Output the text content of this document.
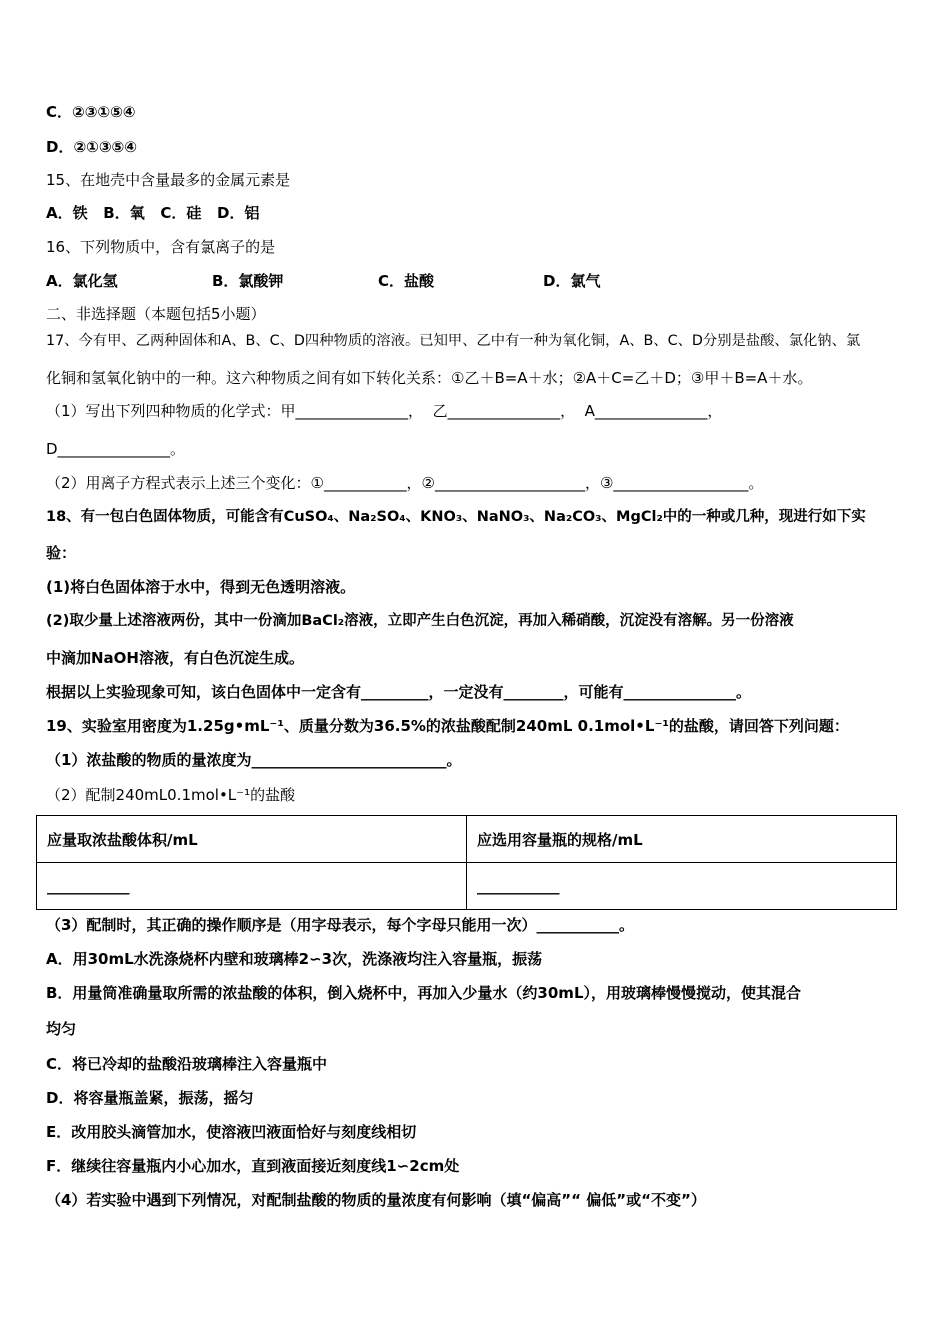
C．②③①⑤④
D．②①③⑤④
15、在地壳中含量最多的金属元素是
A．铁   B．氧   C．硅   D．铝
16、下列物质中，含有氯离子的是
A．氯化氢	B．氯酸钾	C．盐酸	D．氯气
二、非选择题（本题包括5小题）
17、今有甲、乙两种固体和A、B、C、D四种物质的溶液。已知甲、乙中有一种为氧化铜，A、B、C、D分别是盐酸、氯化钠、氯
化铜和氢氧化钠中的一种。这六种物质之间有如下转化关系：①乙＋B=A＋水；②A＋C=乙＋D；③甲＋B=A＋水。
（1）写出下列四种物质的化学式：甲_______________，  乙_______________，  A_______________，
D_______________。
（2）用离子方程式表示上述三个变化：①___________，②____________________，③__________________。
18、有一包白色固体物质，可能含有CuSO₄、Na₂SO₄、KNO₃、NaNO₃、Na₂CO₃、MgCl₂中的一种或几种，现进行如下实
验：
(1)将白色固体溶于水中，得到无色透明溶液。
(2)取少量上述溶液两份，其中一份滴加BaCl₂溶液，立即产生白色沉淀，再加入稀硝酸，沉淀没有溶解。另一份溶液
中滴加NaOH溶液，有白色沉淀生成。
根据以上实验现象可知，该白色固体中一定含有_________，一定没有________，可能有_______________。
19、实验室用密度为1.25g•mL⁻¹、质量分数为36.5%的浓盐酸配制240mL 0.1mol•L⁻¹的盐酸，请回答下列问题：
（1）浓盐酸的物质的量浓度为__________________________。
（2）配制240mL0.1mol•L⁻¹的盐酸
应量取浓盐酸体积/mL	应选用容量瓶的规格/mL
___________	___________
（3）配制时，其正确的操作顺序是（用字母表示，每个字母只能用一次）___________。
A．用30mL水洗涤烧杯内壁和玻璃棒2∽3次，洗涤液均注入容量瓶，振荡
B．用量筒准确量取所需的浓盐酸的体积，倒入烧杯中，再加入少量水（约30mL），用玻璃棒慢慢搅动，使其混合
均匀
C．将已冷却的盐酸沿玻璃棒注入容量瓶中
D．将容量瓶盖紧，振荡，摇匀
E．改用胶头滴管加水，使溶液凹液面恰好与刻度线相切
F．继续往容量瓶内小心加水，直到液面接近刻度线1∽2cm处
（4）若实验中遇到下列情况，对配制盐酸的物质的量浓度有何影响（填“偏高”“ 偏低”或“不变”）
